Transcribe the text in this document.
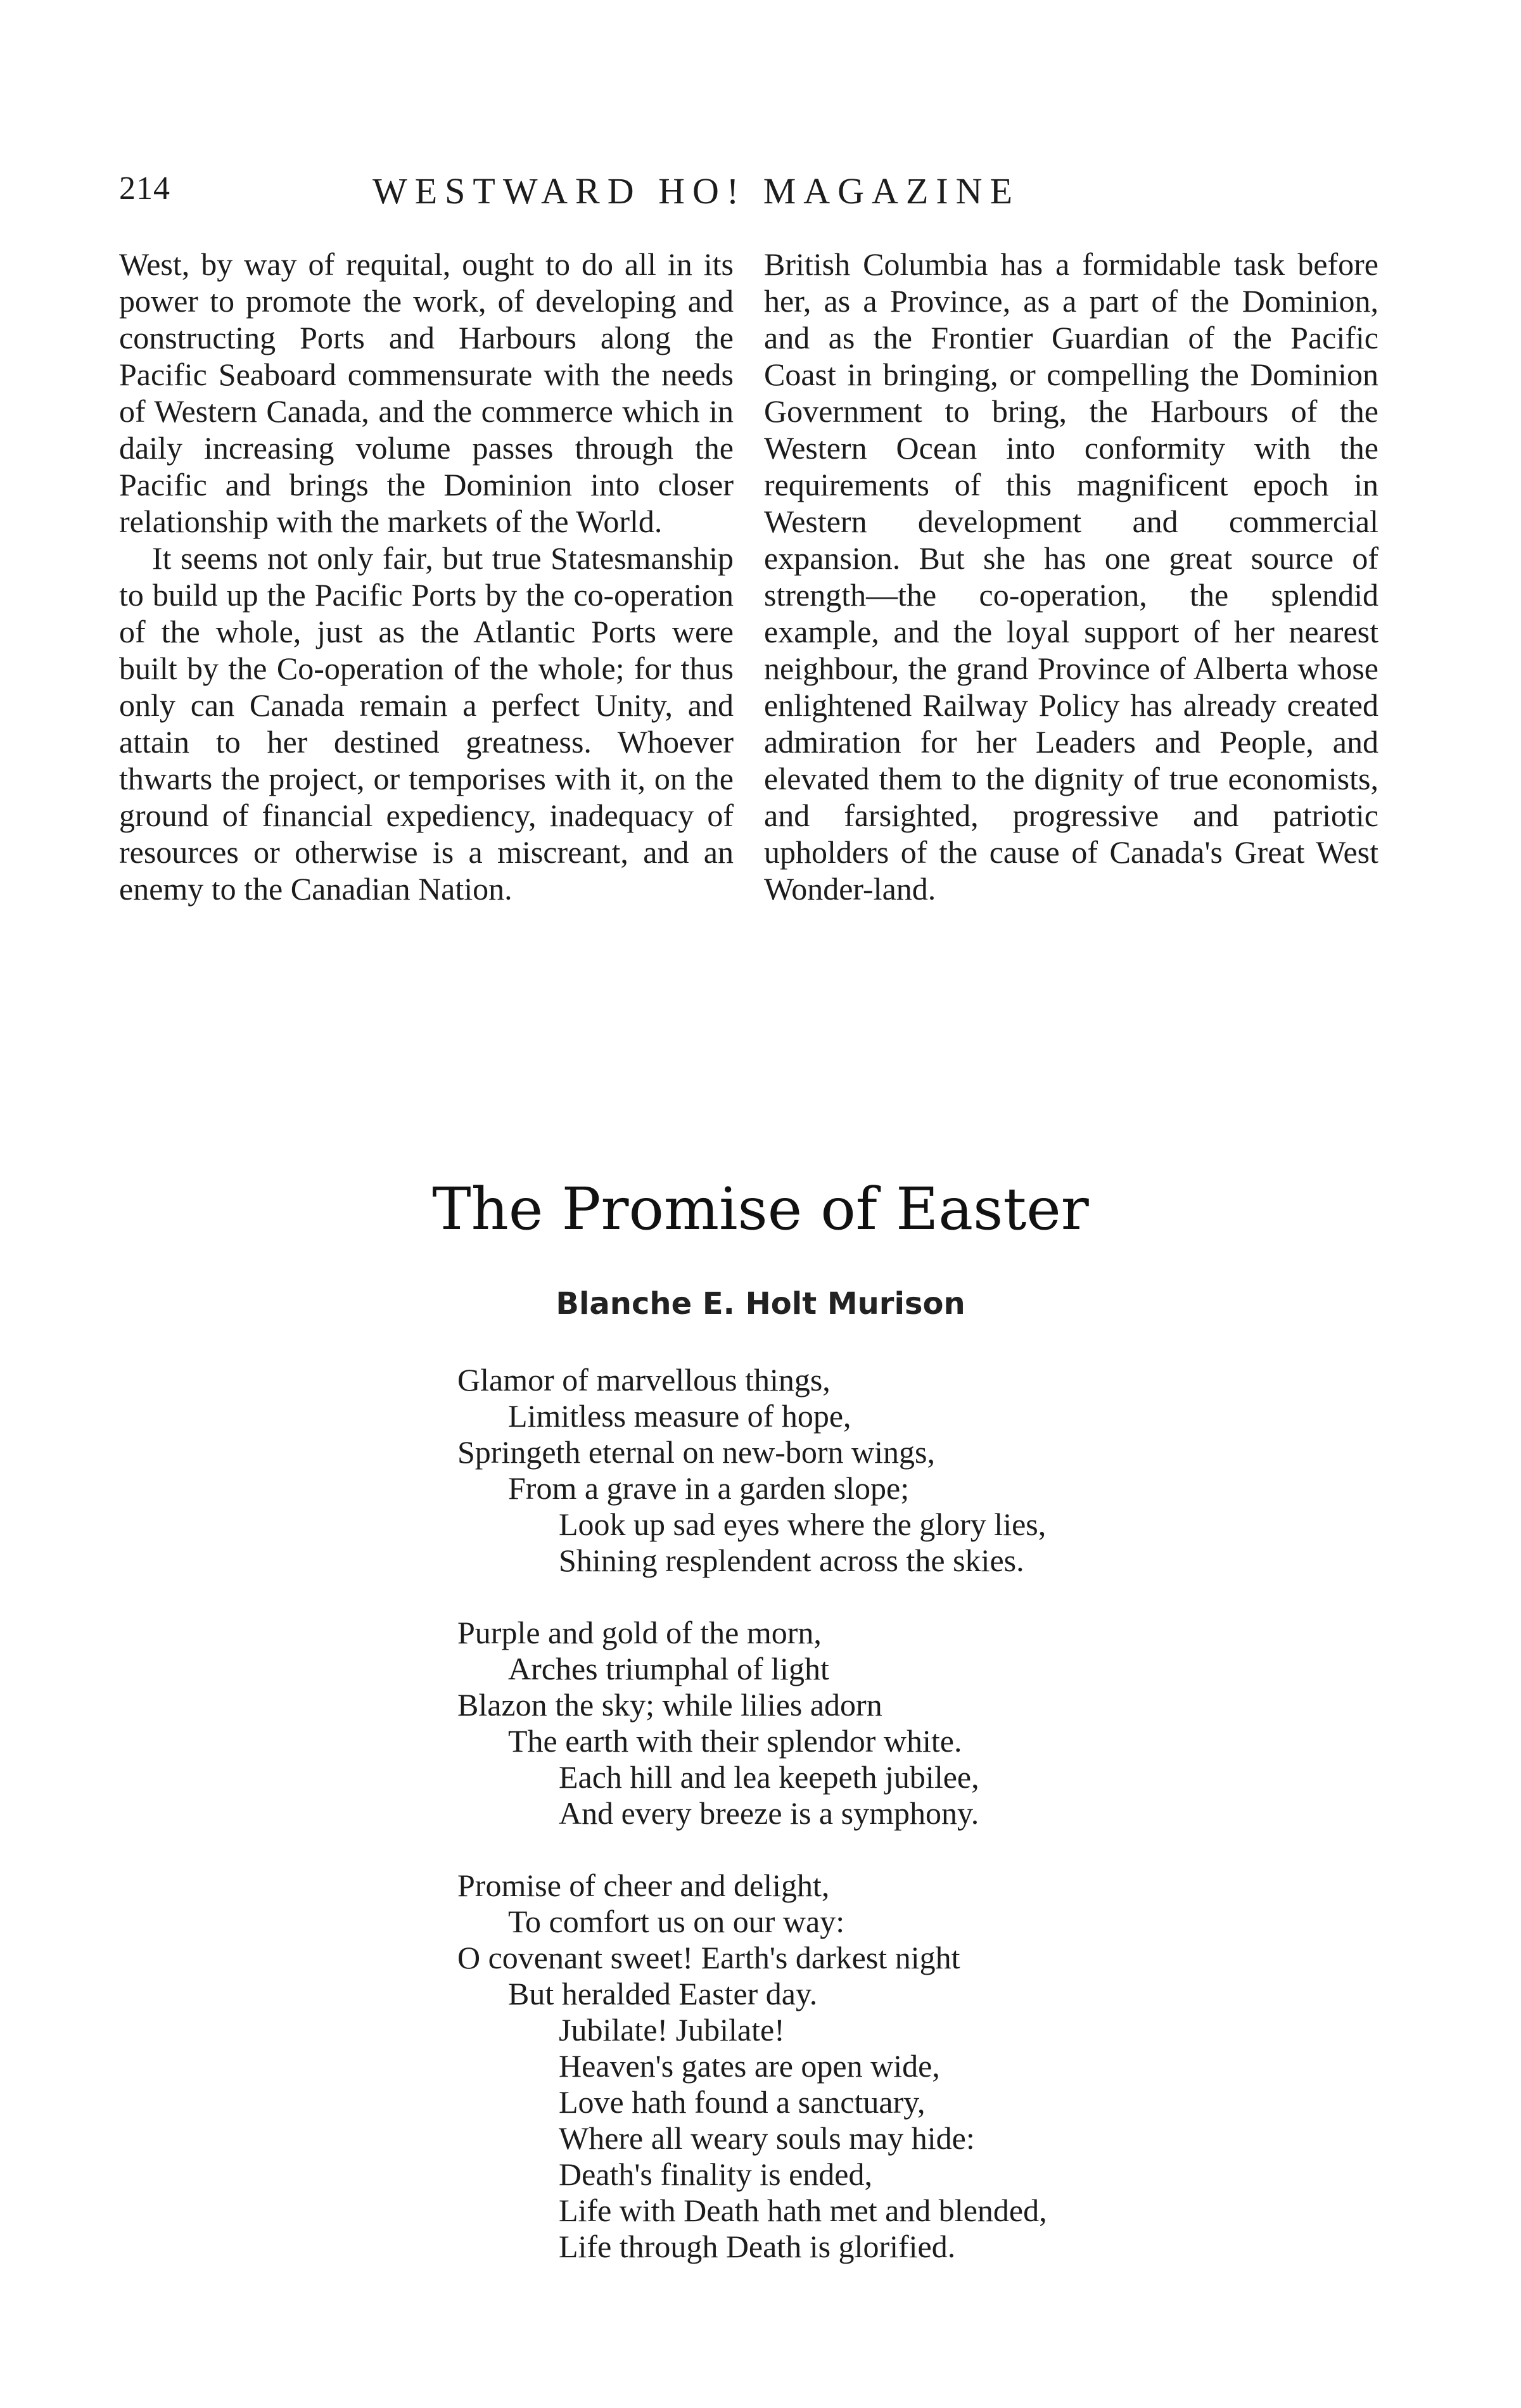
214	WESTWARD HO! MAGAZINE

West, by way of requital, ought to do all in its power to promote the work, of developing and constructing Ports and Harbours along the Pacific Seaboard commensurate with the needs of Western Canada, and the commerce which in daily increasing volume passes through the Pacific and brings the Dominion into closer relationship with the markets of the World.

It seems not only fair, but true Statesmanship to build up the Pacific Ports by the co-operation of the whole, just as the Atlantic Ports were built by the Co-operation of the whole; for thus only can Canada remain a perfect Unity, and attain to her destined greatness. Whoever thwarts the project, or temporises with it, on the ground of financial expediency, inadequacy of resources or otherwise is a miscreant, and an enemy to the Canadian Nation.

British Columbia has a formidable task before her, as a Province, as a part of the Dominion, and as the Frontier Guardian of the Pacific Coast in bringing, or compelling the Dominion Government to bring, the Harbours of the Western Ocean into conformity with the requirements of this magnificent epoch in Western development and commercial expansion. But she has one great source of strength—the co-operation, the splendid example, and the loyal support of her nearest neighbour, the grand Province of Alberta whose enlightened Railway Policy has already created admiration for her Leaders and People, and elevated them to the dignity of true economists, and farsighted, progressive and patriotic upholders of the cause of Canada's Great West Wonder-land.

The Promise of Easter
Blanche E. Holt Murison
Glamor of marvellous things,
Limitless measure of hope,
Springeth eternal on new-born wings,
From a grave in a garden slope;
Look up sad eyes where the glory lies,
Shining resplendent across the skies.
Purple and gold of the morn,
Arches triumphal of light
Blazon the sky; while lilies adorn
The earth with their splendor white.
Each hill and lea keepeth jubilee,
And every breeze is a symphony.
Promise of cheer and delight,
To comfort us on our way:
O covenant sweet! Earth's darkest night
But heralded Easter day.
Jubilate! Jubilate!
Heaven's gates are open wide,
Love hath found a sanctuary,
Where all weary souls may hide:
Death's finality is ended,
Life with Death hath met and blended,
Life through Death is glorified.
